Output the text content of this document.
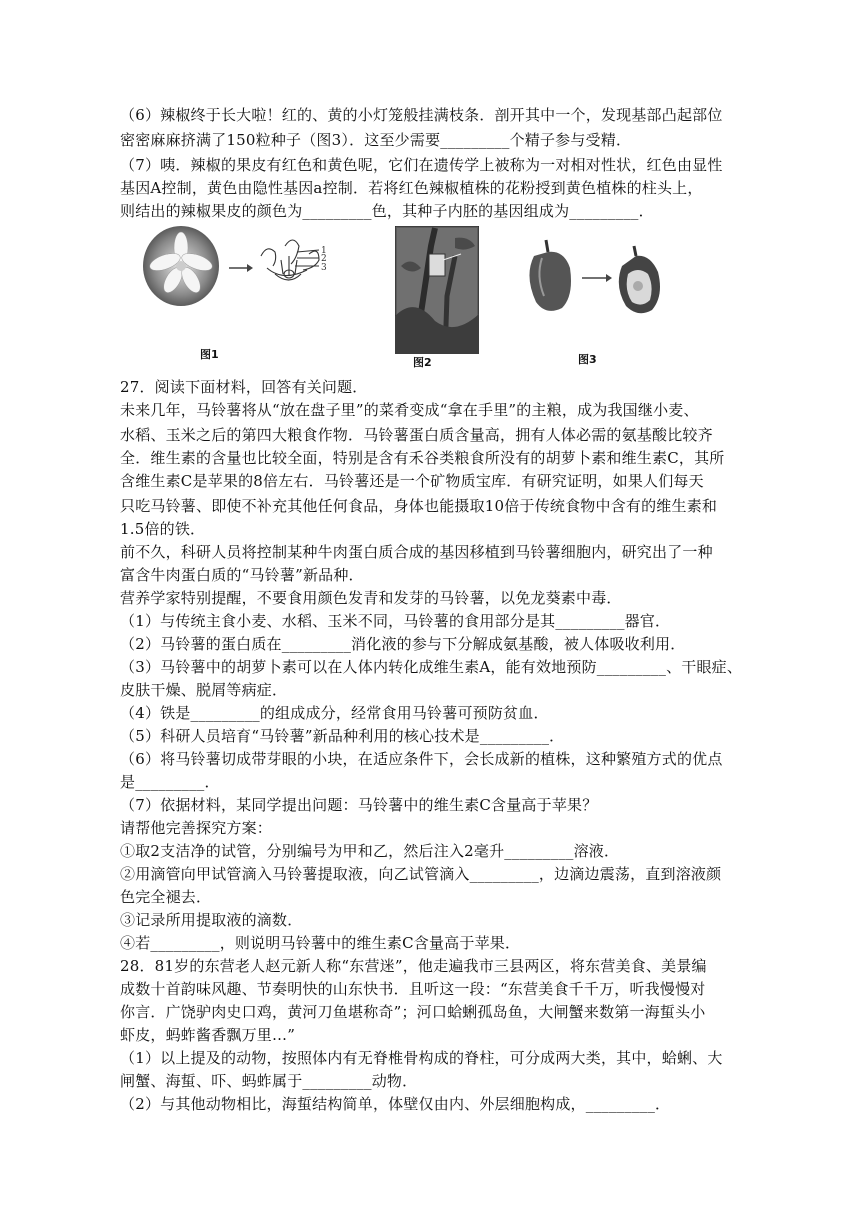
（6）辣椒终于长大啦！红的、黄的小灯笼般挂满枝条．剖开其中一个，发现基部凸起部位
密密麻麻挤满了150粒种子（图3）．这至少需要_________个精子参与受精．
（7）咦．辣椒的果皮有红色和黄色呢，它们在遗传学上被称为一对相对性状，红色由显性
基因A控制，黄色由隐性基因a控制．若将红色辣椒植株的花粉授到黄色植株的柱头上，
则结出的辣椒果皮的颜色为_________色，其种子内胚的基因组成为_________．
1
2
3
图1
图2	图3
27．阅读下面材料，回答有关问题．
未来几年，马铃薯将从“放在盘子里”的菜肴变成“拿在手里”的主粮，成为我国继小麦、
水稻、玉米之后的第四大粮食作物．马铃薯蛋白质含量高，拥有人体必需的氨基酸比较齐
全．维生素的含量也比较全面，特别是含有禾谷类粮食所没有的胡萝卜素和维生素C，其所
含维生素C是苹果的8倍左右．马铃薯还是一个矿物质宝库．有研究证明，如果人们每天
只吃马铃薯、即使不补充其他任何食品，身体也能摄取10倍于传统食物中含有的维生素和
1.5倍的铁．
前不久，科研人员将控制某种牛肉蛋白质合成的基因移植到马铃薯细胞内，研究出了一种
富含牛肉蛋白质的“马铃薯”新品种．
营养学家特别提醒，不要食用颜色发青和发芽的马铃薯，以免龙葵素中毒．
（1）与传统主食小麦、水稻、玉米不同，马铃薯的食用部分是其_________器官．
（2）马铃薯的蛋白质在_________消化液的参与下分解成氨基酸，被人体吸收利用．
（3）马铃薯中的胡萝卜素可以在人体内转化成维生素A，能有效地预防_________、干眼症、
皮肤干燥、脱屑等病症．
（4）铁是_________的组成成分，经常食用马铃薯可预防贫血．
（5）科研人员培育“马铃薯”新品种利用的核心技术是_________．
（6）将马铃薯切成带芽眼的小块，在适应条件下，会长成新的植株，这种繁殖方式的优点
是_________．
（7）依据材料，某同学提出问题：马铃薯中的维生素C含量高于苹果？
请帮他完善探究方案：
①取2支洁净的试管，分别编号为甲和乙，然后注入2毫升_________溶液．
②用滴管向甲试管滴入马铃薯提取液，向乙试管滴入_________，边滴边震荡，直到溶液颜
色完全褪去．
③记录所用提取液的滴数．
④若_________，则说明马铃薯中的维生素C含量高于苹果．
28．81岁的东营老人赵元新人称“东营迷”，他走遍我市三县两区，将东营美食、美景编
成数十首韵味风趣、节奏明快的山东快书．且听这一段：“东营美食千千万，听我慢慢对
你言．广饶驴肉史口鸡，黄河刀鱼堪称奇”；河口蛤蜊孤岛鱼，大闸蟹来数第一海蜇头小
虾皮，蚂蚱酱香飘万里…”
（1）以上提及的动物，按照体内有无脊椎骨构成的脊柱，可分成两大类，其中，蛤蜊、大
闸蟹、海蜇、吓、蚂蚱属于_________动物．
（2）与其他动物相比，海蜇结构简单，体壁仅由内、外层细胞构成，_________．
